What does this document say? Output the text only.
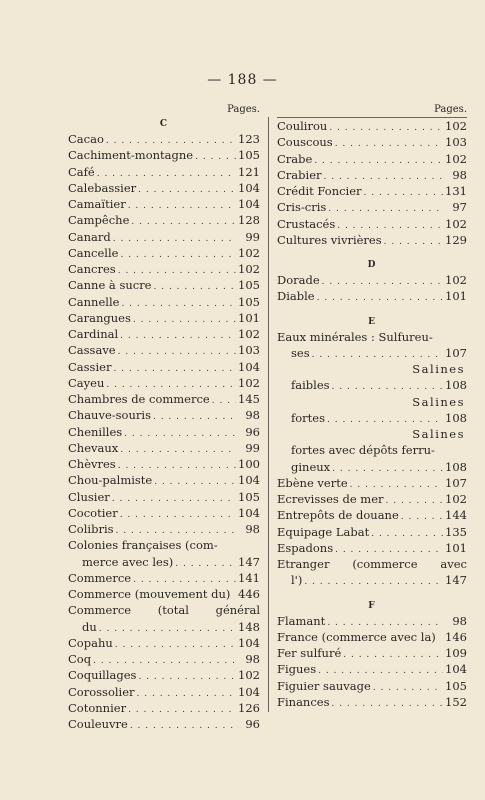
— 188 —
Pages.
C
Cacao . . .	123
Cachiment-montagne . . .	105
Café . . .	121
Calebassier . . .	104
Camaïtier . . .	104
Campêche . . .	128
Canard . . .	99
Cancelle . . .	102
Cancres . . .	102
Canne à sucre . . .	105
Cannelle . . .	105
Carangues . . .	101
Cardinal . . .	102
Cassave . . .	103
Cassier . . .	104
Cayeu . . .	102
Chambres de commerce . . . 145
Chauve-souris . . .	98
Chenilles . . .	96
Chevaux . . .	99
Chèvres . . .	100
Chou-palmiste . . .	104
Clusier . . .	105
Cocotier . . .	104
Colibris . . .	98
Colonies françaises (com-
merce avec les) . . .	147
Commerce . . .	141
Commerce (mouvement du) 446
Commerce (total général
du . . .	148
Copahu . . .	104
Coq . . .	98
Coquillages . . .	102
Corossolier . . .	104
Cotonnier . . .	126
Couleuvre . . .	96
Pages.
Coulirou . . .	102
Couscous . . .	103
Crabe . . .	102
Crabier . . .	98
Crédit Foncier . . .	131
Cris-cris . . .	97
Crustacés . . .	102
Cultures vivrières . . .	129
D
Dorade . . .	102
Diable . . .	101
E
Eaux minérales : Sulfureu-
ses . . .	107
Salines
faibles . . .	108
Salines
fortes . . .	108
Salines
fortes avec dépôts ferru-
gineux . . .	108
Ebène verte . . .	107
Ecrevisses de mer . . .	102
Entrepôts de douane . . .	144
Equipage Labat . . .	135
Espadons . . .	101
Etranger (commerce avec
l') . . .	147
F
Flamant . . .	98
France (commerce avec la) 146
Fer sulfuré . . .	109
Figues . . .	104
Figuier sauvage . . .	105
Finances . . .	152
